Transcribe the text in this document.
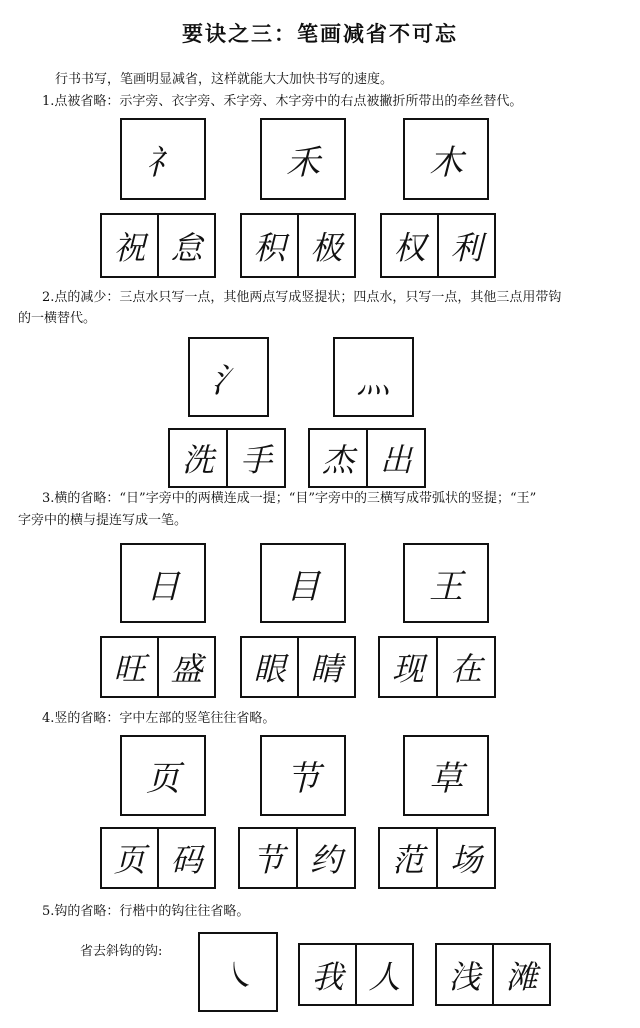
要诀之三：笔画减省不可忘
行书书写，笔画明显减省，这样就能大大加快书写的速度。
1.点被省略：示字旁、衣字旁、禾字旁、木字旁中的右点被撇折所带出的牵丝替代。
礻	禾	木
祝 怠	积 极	权 利
2.点的减少：三点水只写一点，其他两点写成竖提状；四点水，只写一点，其他三点用带钩
的一横替代。
氵	灬
洗 手	杰 出
3.横的省略：“日”字旁中的两横连成一提；“目”字旁中的三横写成带弧状的竖提；“王”
字旁中的横与提连写成一笔。
日	目	王
旺 盛	眼 睛	现 在
4.竖的省略：字中左部的竖笔往往省略。
页	节	草
页 码	节 约	范 场
5.钩的省略：行楷中的钩往往省略。
省去斜钩的钩:
㇏	我 人	浅 滩
